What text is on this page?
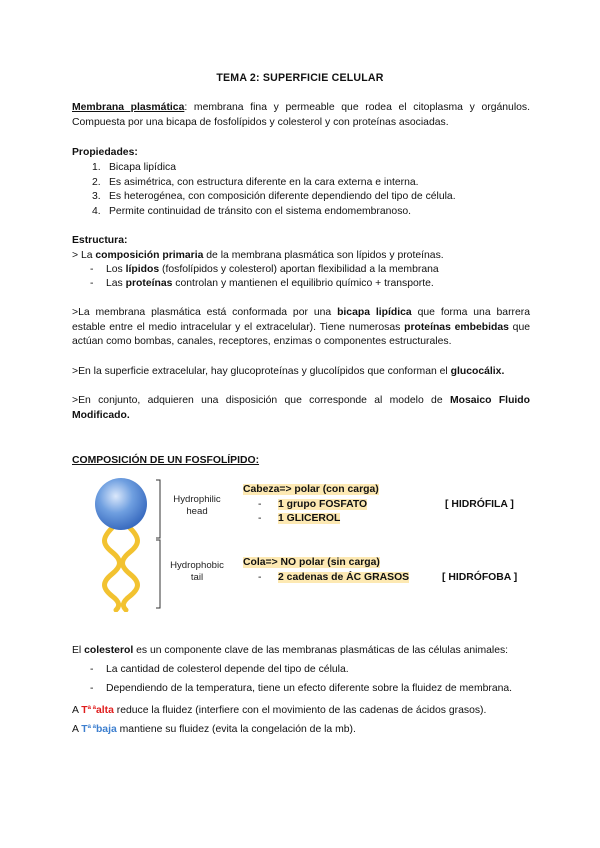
TEMA 2: SUPERFICIE CELULAR
Membrana plasmática: membrana fina y permeable que rodea el citoplasma y orgánulos. Compuesta por una bicapa de fosfolípidos y colesterol y con proteínas asociadas.
Propiedades:
1. Bicapa lipídica
2. Es asimétrica, con estructura diferente en la cara externa e interna.
3. Es heterogénea, con composición diferente dependiendo del tipo de célula.
4. Permite continuidad de tránsito con el sistema endomembranoso.
Estructura:
> La composición primaria de la membrana plasmática son lípidos y proteínas.
- Los lípidos (fosfolípidos y colesterol) aportan flexibilidad a la membrana
- Las proteínas controlan y mantienen el equilibrio químico + transporte.
>La membrana plasmática está conformada por una bicapa lipídica que forma una barrera estable entre el medio intracelular y el extracelular). Tiene numerosas proteínas embebidas que actúan como bombas, canales, receptores, enzimas o componentes estructurales.
>En la superficie extracelular, hay glucoproteínas y glucolípidos que conforman el glucocálix.
>En conjunto, adquieren una disposición que corresponde al modelo de Mosaico Fluido Modificado.
COMPOSICIÓN DE UN FOSFOLÍPIDO:
Hydrophilic
head
Hydrophobic
tail
Cabeza=> polar (con carga)
- 1 grupo FOSFATO	[ HIDRÓFILA ]
- 1 GLICEROL
Cola=> NO polar (sin carga)
- 2 cadenas de ÁC GRASOS	[ HIDRÓFOBA ]
El colesterol es un componente clave de las membranas plasmáticas de las células animales:
- La cantidad de colesterol depende del tipo de célula.
- Dependiendo de la temperatura, tiene un efecto diferente sobre la fluidez de membrana.
A $T^{a a}alta$ reduce la fluidez (interfiere con el movimiento de las cadenas de ácidos grasos).
A $T^{a a}baja$ mantiene su fluidez (evita la congelación de la mb).
